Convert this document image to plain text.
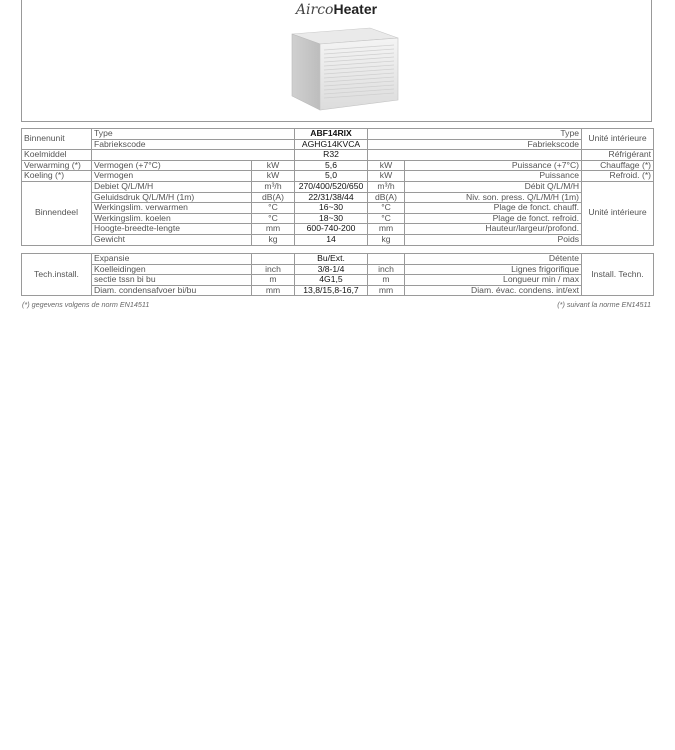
AircoHeater
Binnenunit	Type		ABF14RIX	Type		Unité intérieure
	Fabriekscode		AGHG14KVCA	Fabriekscode		
Koelmiddel			R32			Réfrigérant
Verwarming (*)	Vermogen (+7°C)	kW	5,6	kW	Puissance (+7°C)	Chauffage (*)
Koeling (*)	Vermogen	kW	5,0	kW	Puissance	Refroid. (*)
Binnendeel	Debiet Q/L/M/H	m³/h	270/400/520/650	m³/h	Débit Q/L/M/H	Unité intérieure
	Geluidsdruk Q/L/M/H (1m)	dB(A)	22/31/38/44	dB(A)	Niv. son. press. Q/L/M/H (1m)	
	Werkingslim. verwarmen	°C	16~30	°C	Plage de fonct. chauff.	
	Werkingslim. koelen	°C	18~30	°C	Plage de fonct. refroid.	
	Hoogte-breedte-lengte	mm	600-740-200	mm	Hauteur/largeur/profond.	
	Gewicht	kg	14	kg	Poids	
Tech.install.	Expansie		Bu/Ext.		Détente	Install. Techn.
	Koelleidingen	inch	3/8-1/4	inch	Lignes frigorifique	
	sectie tssn bi bu	m	4G1,5	m	Longueur min / max	
	Diam. condensafvoer bi/bu	mm	13,8/15,8-16,7	mm	Diam. évac. condens. int/ext	
(*) gegevens volgens de norm EN14511	(*) suivant la norme EN14511
